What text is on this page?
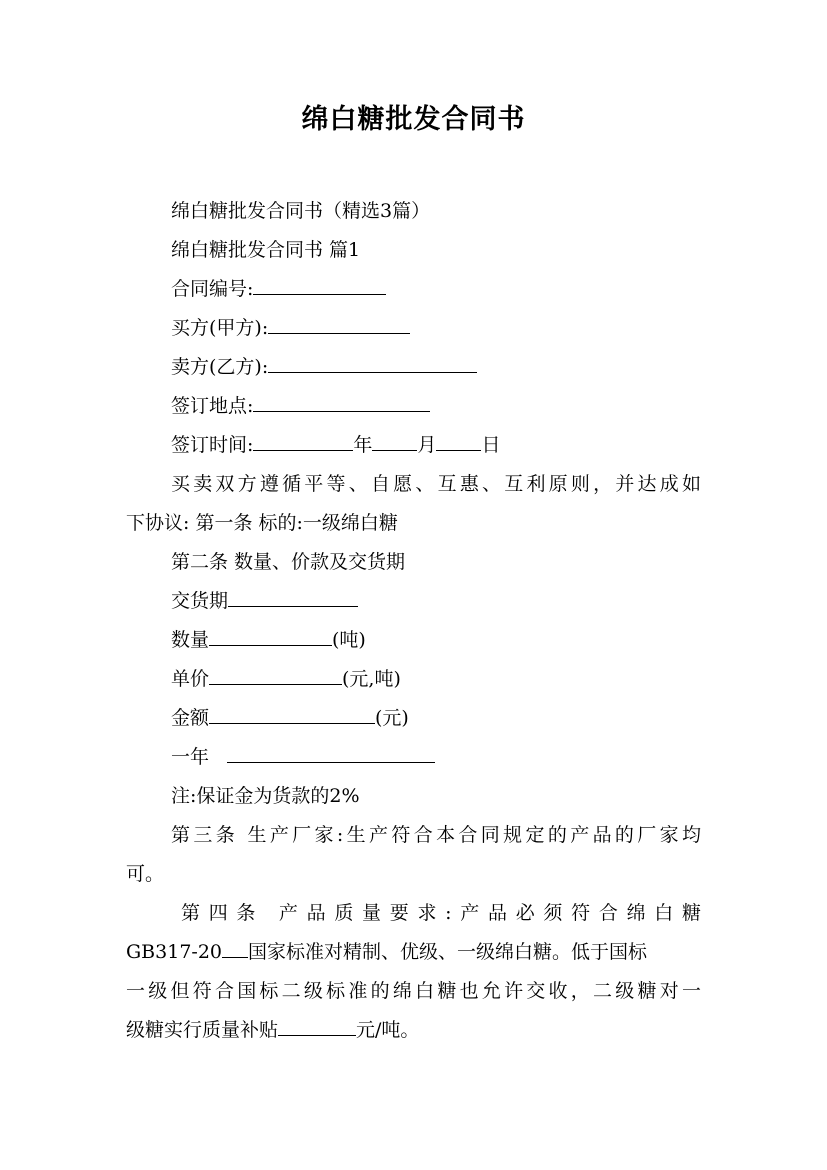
绵白糖批发合同书
绵白糖批发合同书（精选3篇）
绵白糖批发合同书 篇1
合同编号:
买方(甲方):
卖方(乙方):
签订地点:
签订时间:	年 月 日
买卖双方遵循平等、自愿、互惠、互利原则，并达成如
下协议: 第一条 标的:一级绵白糖
第二条 数量、价款及交货期
交货期
数量	(吨)
单价	(元,吨)
金额	(元)
一年
注:保证金为货款的2%
第三条 生产厂家:生产符合本合同规定的产品的厂家均
可。
第四条 产品质量要求:产品必须符合绵白糖
GB317-20 国家标准对精制、优级、一级绵白糖。低于国标
一级但符合国标二级标准的绵白糖也允许交收，二级糖对一
级糖实行质量补贴	元/吨。
